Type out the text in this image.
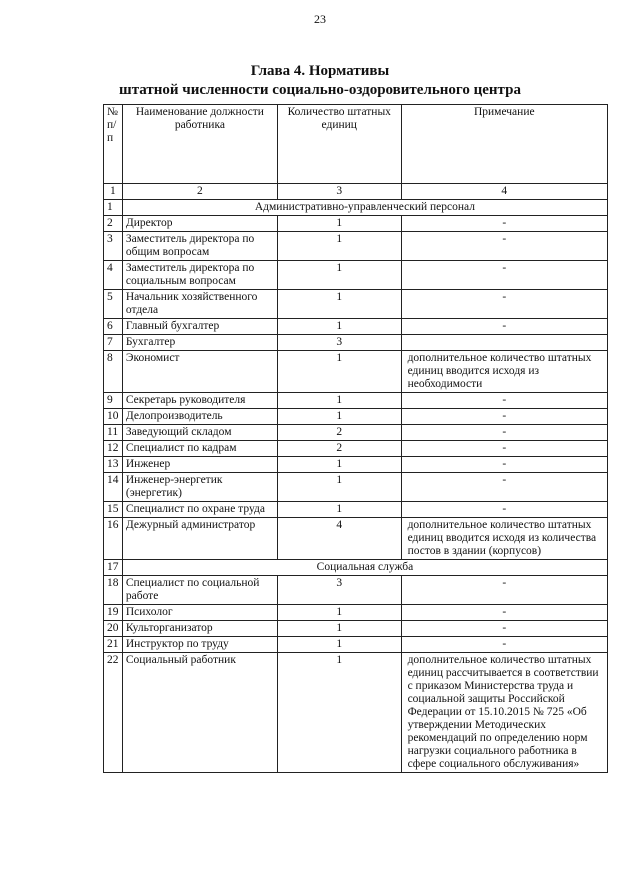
23
Глава 4. Нормативы
штатной численности социально-оздоровительного центра
№ п/ п	Наименование должности работника	Количество штатных единиц	Примечание
1	2	3	4
1	Административно-управленческий персонал		
2	Директор	1	-
3	Заместитель директора по общим вопросам	1	-
4	Заместитель директора по социальным вопросам	1	-
5	Начальник хозяйственного отдела	1	-
6	Главный бухгалтер	1	-
7	Бухгалтер	3	
8	Экономист	1	дополнительное количество штатных единиц вводится исходя из необходимости
9	Секретарь руководителя	1	-
10	Делопроизводитель	1	-
11	Заведующий складом	2	-
12	Специалист по кадрам	2	-
13	Инженер	1	-
14	Инженер-энергетик (энергетик)	1	-
15	Специалист по охране труда	1	-
16	Дежурный администратор	4	дополнительное количество штатных единиц вводится исходя из количества постов в здании (корпусов)
17	Социальная служба		
18	Специалист по социальной работе	3	-
19	Психолог	1	-
20	Культорганизатор	1	-
21	Инструктор по труду	1	-
22	Социальный работник	1	дополнительное количество штатных единиц рассчитывается в соответствии с приказом Министерства труда и социальной защиты Российской Федерации от 15.10.2015 № 725 «Об утверждении Методических рекомендаций по определению норм нагрузки социального работника в сфере социального обслуживания»
